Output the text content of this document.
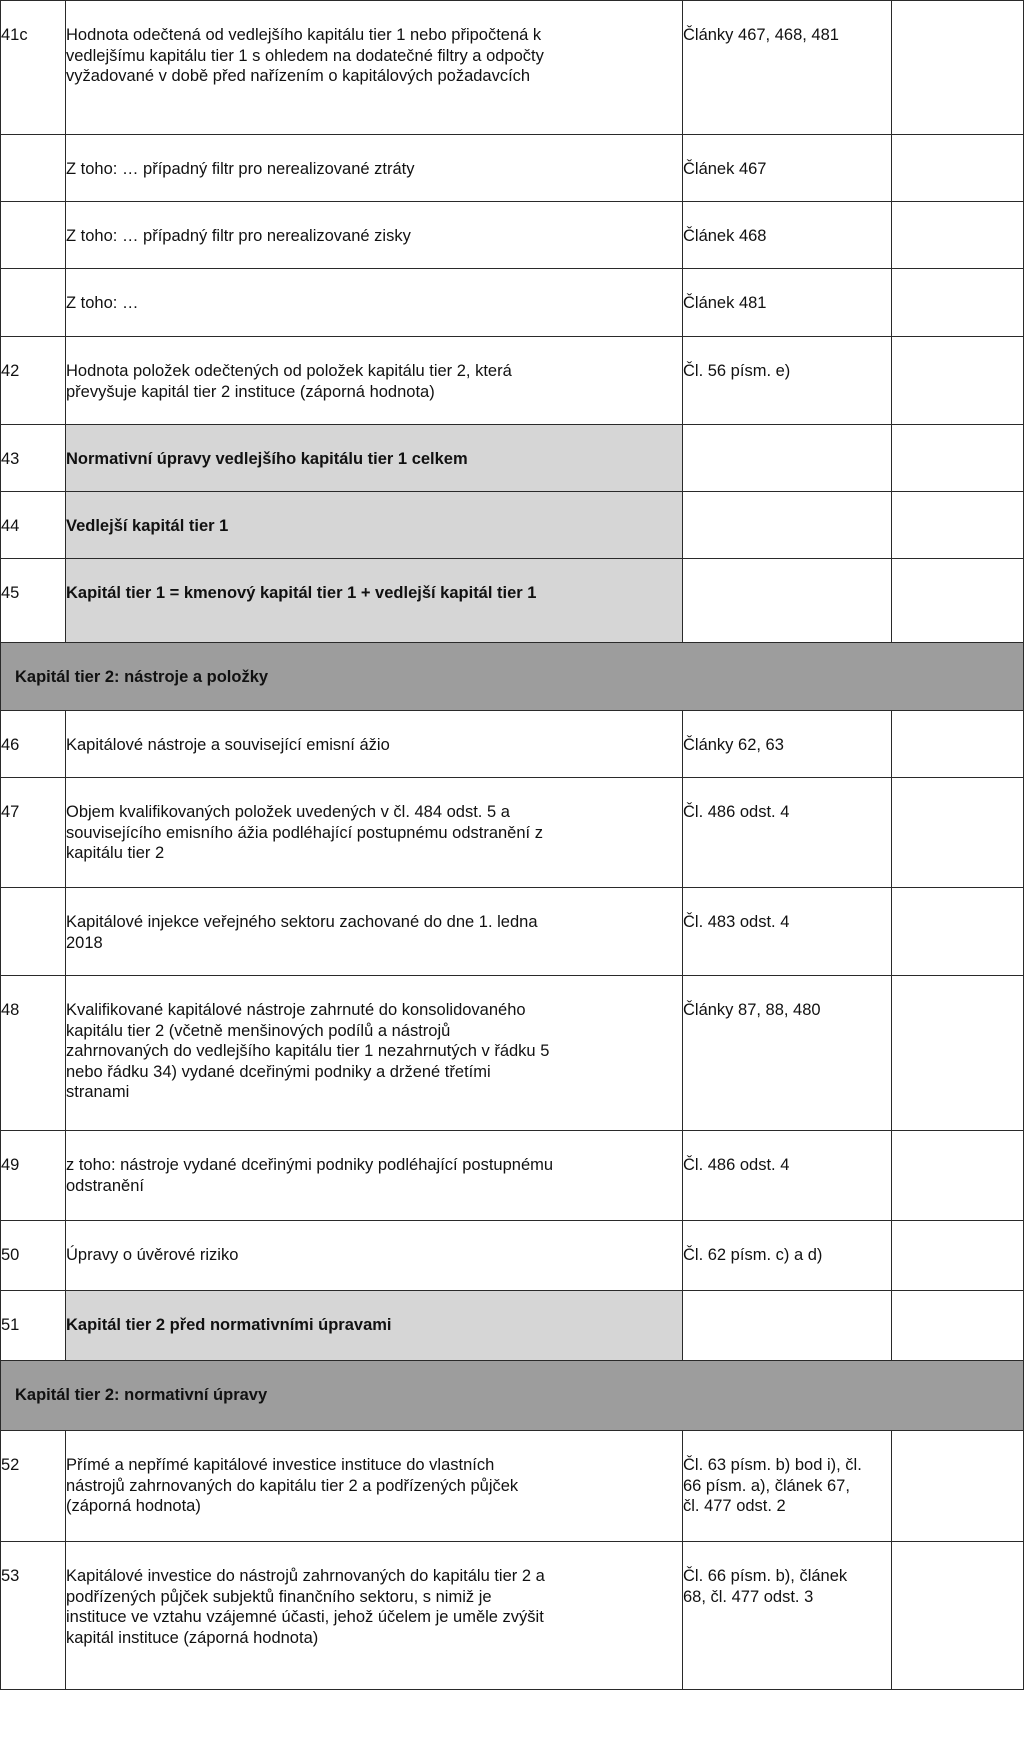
41c	Hodnota odečtená od vedlejšího kapitálu tier 1 nebo připočtená k vedlejšímu kapitálu tier 1 s ohledem na dodatečné filtry a odpočty vyžadované v době před nařízením o kapitálových požadavcích	Články 467, 468, 481	

	Z toho: … případný filtr pro nerealizované ztráty	Článek 467	

	Z toho: … případný filtr pro nerealizované zisky	Článek 468	

	Z toho: …	Článek 481	

42	Hodnota položek odečtených od položek kapitálu tier 2, která převyšuje kapitál tier 2 instituce (záporná hodnota)	Čl. 56 písm. e)	

43	Normativní úpravy vedlejšího kapitálu tier 1 celkem		

44	Vedlejší kapitál tier 1		

45	Kapitál tier 1 = kmenový kapitál tier 1 + vedlejší kapitál tier 1		

Kapitál tier 2: nástroje a položky			

46	Kapitálové nástroje a související emisní ážio	Články 62, 63	

47	Objem kvalifikovaných položek uvedených v čl. 484 odst. 5 a souvisejícího emisního ážia podléhající postupnému odstranění z kapitálu tier 2	Čl. 486 odst. 4	

	Kapitálové injekce veřejného sektoru zachované do dne 1. ledna 2018	Čl. 483 odst. 4	

48	Kvalifikované kapitálové nástroje zahrnuté do konsolidovaného kapitálu tier 2 (včetně menšinových podílů a nástrojů zahrnovaných do vedlejšího kapitálu tier 1 nezahrnutých v řádku 5 nebo řádku 34) vydané dceřinými podniky a držené třetími stranami	Články 87, 88, 480	

49	z toho: nástroje vydané dceřinými podniky podléhající postupnému odstranění	Čl. 486 odst. 4	

50	Úpravy o úvěrové riziko	Čl. 62 písm. c) a d)	

51	Kapitál tier 2 před normativními úpravami		

Kapitál tier 2: normativní úpravy			

52	Přímé a nepřímé kapitálové investice instituce do vlastních nástrojů zahrnovaných do kapitálu tier 2 a podřízených půjček (záporná hodnota)	Čl. 63 písm. b) bod i), čl. 66 písm. a), článek 67, čl. 477 odst. 2	

53	Kapitálové investice do nástrojů zahrnovaných do kapitálu tier 2 a podřízených půjček subjektů finančního sektoru, s nimiž je instituce ve vztahu vzájemné účasti, jehož účelem je uměle zvýšit kapitál instituce (záporná hodnota)	Čl. 66 písm. b), článek 68, čl. 477 odst. 3	
